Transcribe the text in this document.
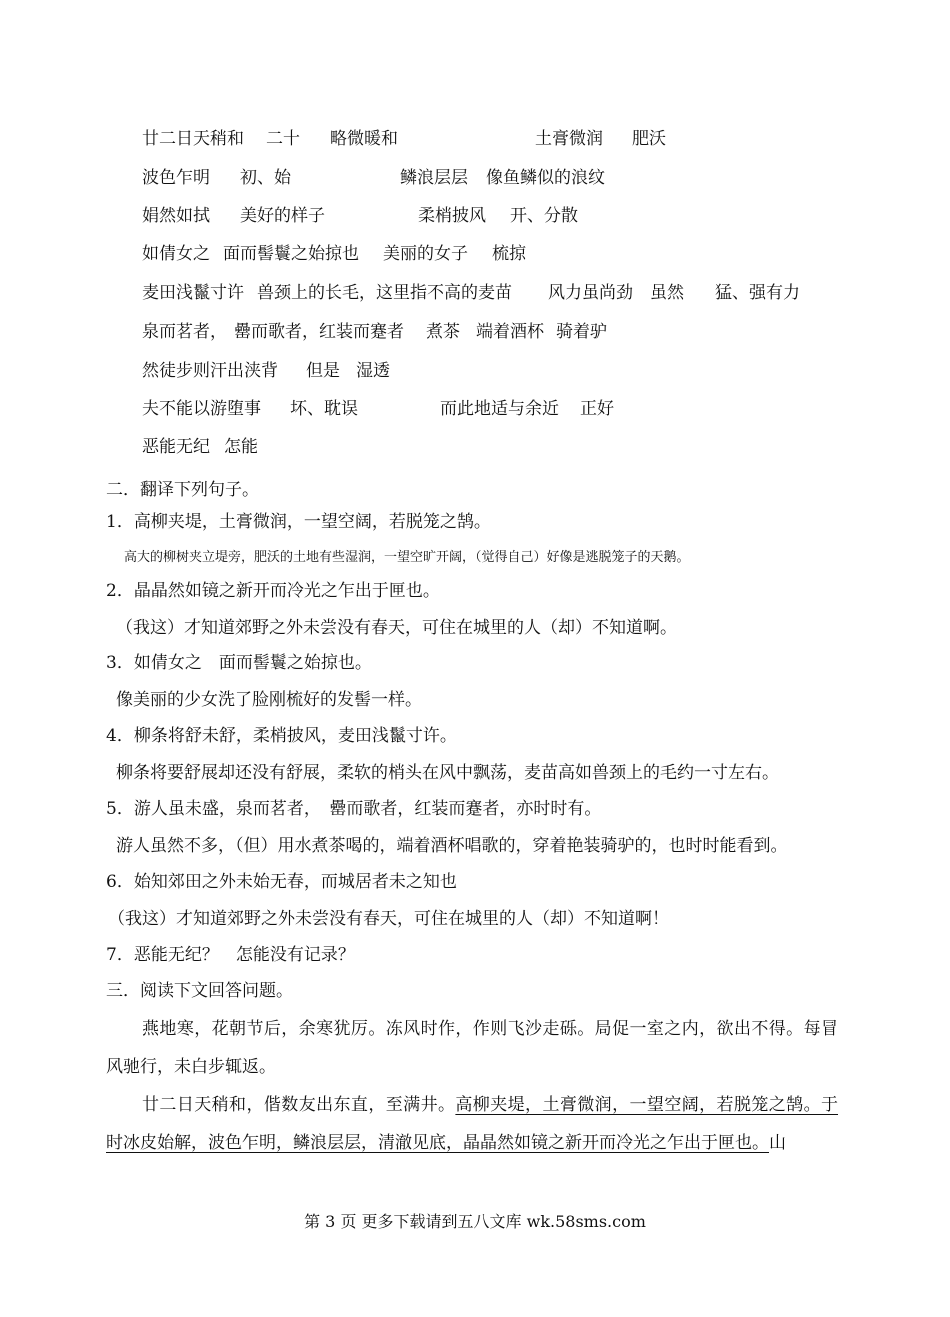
廿二日天稍和 二十 略微暖和	土膏微润 肥沃
波色乍明 初、始	鳞浪层层 像鱼鳞似的浪纹
娟然如拭 美好的样子	柔梢披风 开、分散
如倩女之 面而髻鬟之始掠也 美丽的女子 梳掠
麦田浅鬣寸许 兽颈上的长毛，这里指不高的麦苗 风力虽尚劲 虽然 猛、强有力
泉而茗者， 罍而歌者，红装而蹇者 煮茶 端着酒杯 骑着驴
然徒步则汗出浃背 但是 湿透
夫不能以游堕事 坏、耽误	而此地适与余近 正好
恶能无纪 怎能
二．翻译下列句子。
1．高柳夹堤，土膏微润，一望空阔，若脱笼之鹄。
高大的柳树夹立堤旁，肥沃的土地有些湿润，一望空旷开阔，（觉得自己）好像是逃脱笼子的天鹅。
2．晶晶然如镜之新开而冷光之乍出于匣也。
（我这）才知道郊野之外未尝没有春天，可住在城里的人（却）不知道啊。
3．如倩女之　面而髻鬟之始掠也。
像美丽的少女洗了脸刚梳好的发髻一样。
4．柳条将舒未舒，柔梢披风，麦田浅鬣寸许。
柳条将要舒展却还没有舒展，柔软的梢头在风中飘荡，麦苗高如兽颈上的毛约一寸左右。
5．游人虽未盛，泉而茗者，　罍而歌者，红装而蹇者，亦时时有。
游人虽然不多，（但）用水煮茶喝的，端着酒杯唱歌的，穿着艳装骑驴的，也时时能看到。
6．始知郊田之外未始无春，而城居者未之知也
（我这）才知道郊野之外未尝没有春天，可住在城里的人（却）不知道啊！
7．恶能无纪？　怎能没有记录？
三．阅读下文回答问题。

燕地寒，花朝节后，余寒犹厉。冻风时作，作则飞沙走砾。局促一室之内，欲出不得。每冒风驰行，未白步辄返。

廿二日天稍和，偕数友出东直，至满井。高柳夹堤，土膏微润，一望空阔，若脱笼之鹄。于时冰皮始解，波色乍明，鳞浪层层，清澈见底，晶晶然如镜之新开而冷光之乍出于匣也。山

第 3 页 更多下载请到五八文库 wk.58sms.com
